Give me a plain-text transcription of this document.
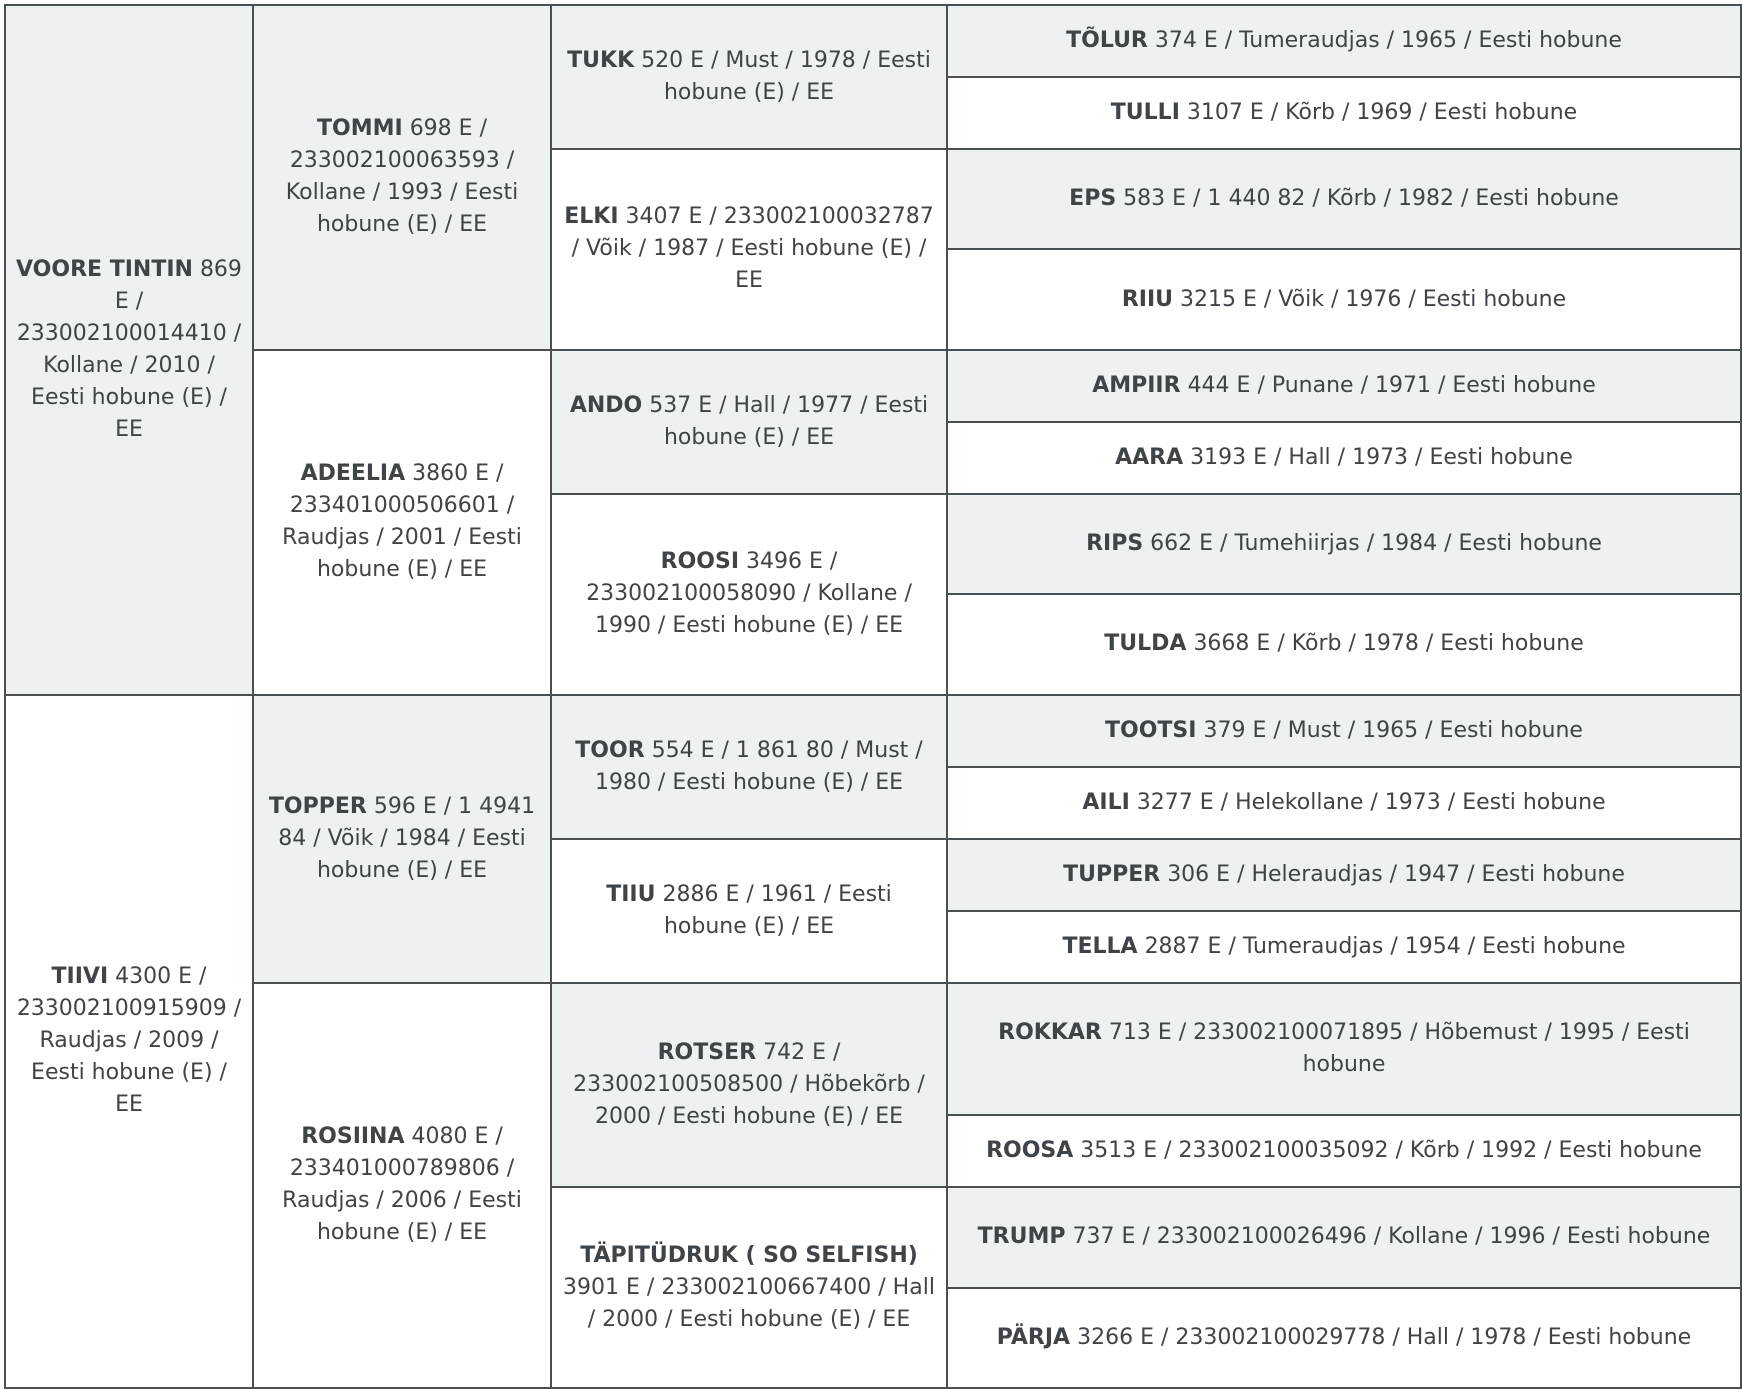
VOORE TINTIN 869 E / 233002100014410 / Kollane / 2010 / Eesti hobune (E) / EE	TOMMI 698 E / 233002100063593 / Kollane / 1993 / Eesti hobune (E) / EE	TUKK 520 E / Must / 1978 / Eesti hobune (E) / EE	TÕLUR 374 E / Tumeraudjas / 1965 / Eesti hobune
			TULLI 3107 E / Kõrb / 1969 / Eesti hobune
		ELKI 3407 E / 233002100032787 / Võik / 1987 / Eesti hobune (E) / EE	EPS 583 E / 1 440 82 / Kõrb / 1982 / Eesti hobune
			RIIU 3215 E / Võik / 1976 / Eesti hobune
	ADEELIA 3860 E / 233401000506601 / Raudjas / 2001 / Eesti hobune (E) / EE	ANDO 537 E / Hall / 1977 / Eesti hobune (E) / EE	AMPIIR 444 E / Punane / 1971 / Eesti hobune
			AARA 3193 E / Hall / 1973 / Eesti hobune
		ROOSI 3496 E / 233002100058090 / Kollane / 1990 / Eesti hobune (E) / EE	RIPS 662 E / Tumehiirjas / 1984 / Eesti hobune
			TULDA 3668 E / Kõrb / 1978 / Eesti hobune
TIIVI 4300 E / 233002100915909 / Raudjas / 2009 / Eesti hobune (E) / EE	TOPPER 596 E / 1 4941 84 / Võik / 1984 / Eesti hobune (E) / EE	TOOR 554 E / 1 861 80 / Must / 1980 / Eesti hobune (E) / EE	TOOTSI 379 E / Must / 1965 / Eesti hobune
			AILI 3277 E / Helekollane / 1973 / Eesti hobune
		TIIU 2886 E / 1961 / Eesti hobune (E) / EE	TUPPER 306 E / Heleraudjas / 1947 / Eesti hobune
			TELLA 2887 E / Tumeraudjas / 1954 / Eesti hobune
	ROSIINA 4080 E / 233401000789806 / Raudjas / 2006 / Eesti hobune (E) / EE	ROTSER 742 E / 233002100508500 / Hõbekõrb / 2000 / Eesti hobune (E) / EE	ROKKAR 713 E / 233002100071895 / Hõbemust / 1995 / Eesti hobune
			ROOSA 3513 E / 233002100035092 / Kõrb / 1992 / Eesti hobune
		TÄPITÜDRUK ( SO SELFISH) 3901 E / 233002100667400 / Hall / 2000 / Eesti hobune (E) / EE	TRUMP 737 E / 233002100026496 / Kollane / 1996 / Eesti hobune
			PÄRJA 3266 E / 233002100029778 / Hall / 1978 / Eesti hobune
